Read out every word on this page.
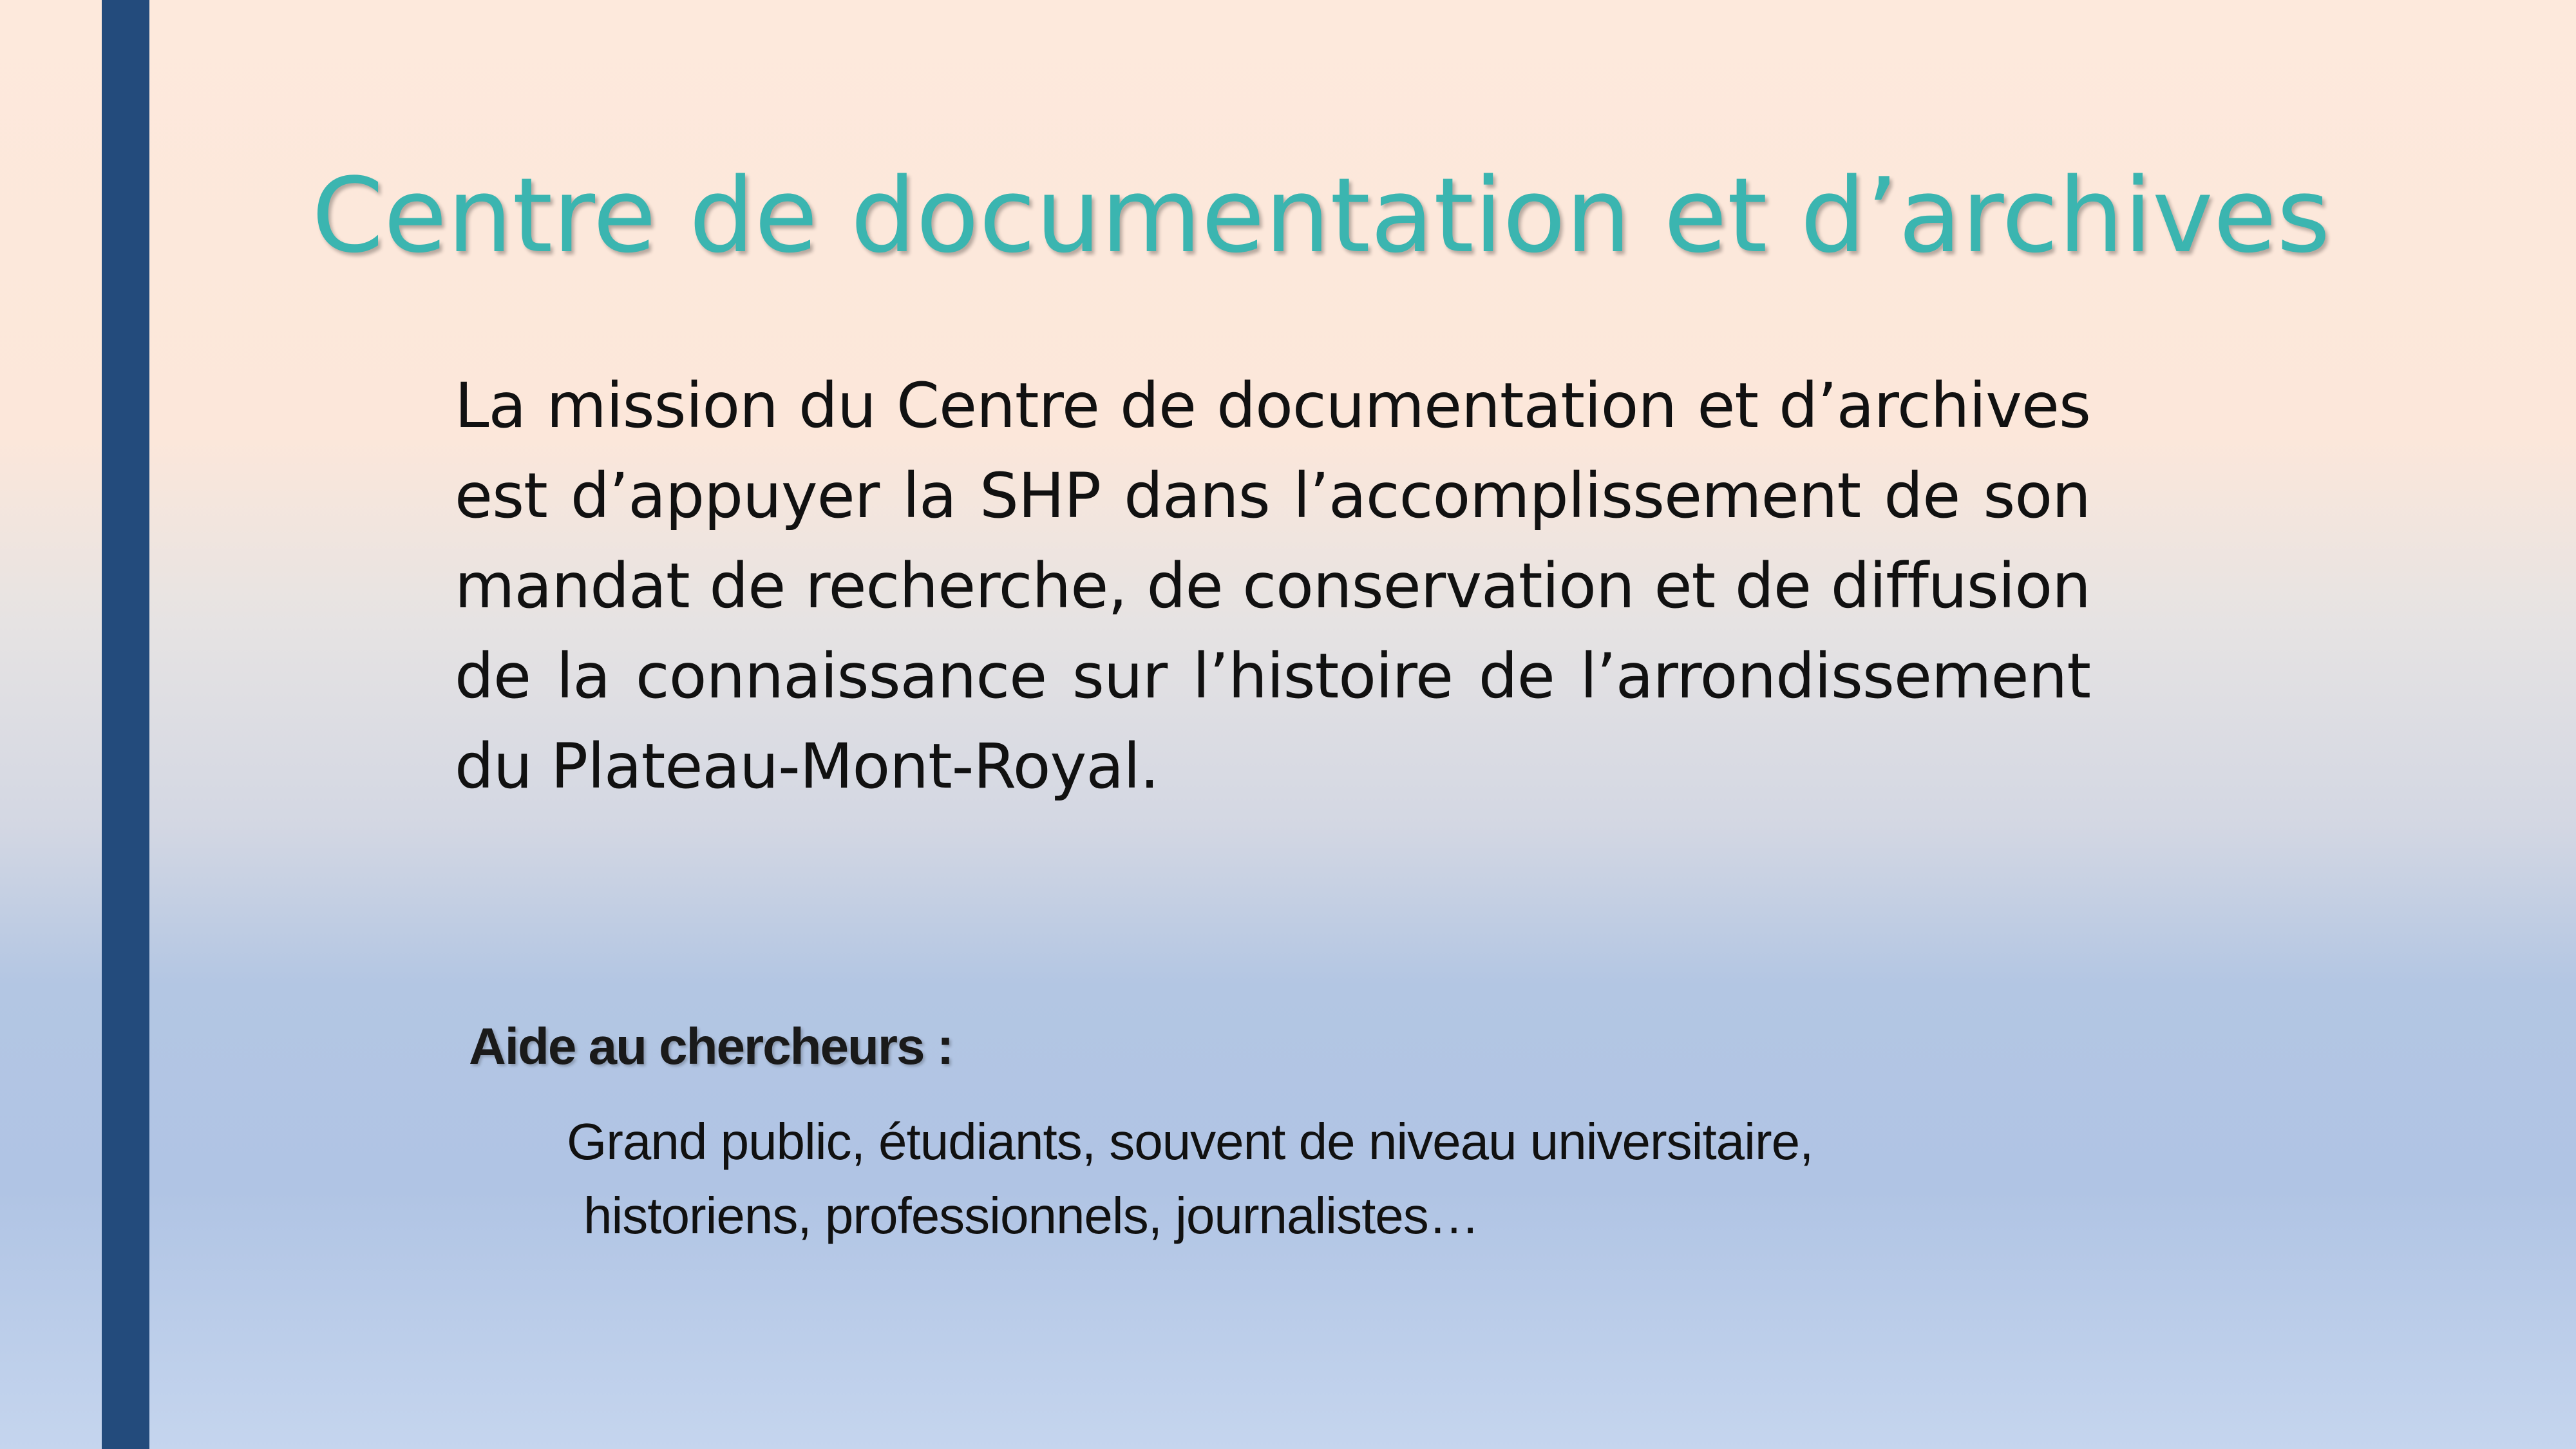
Centre de documentation et d’archives

La mission du Centre de documentation et d’archives est d’appuyer la SHP dans l’accomplissement de son mandat de recherche, de conservation et de diffusion de la connaissance sur l’histoire de l’arrondissement du Plateau-Mont-Royal.

Aide au chercheurs :

Grand public, étudiants, souvent de niveau universitaire,
historiens, professionnels, journalistes…
